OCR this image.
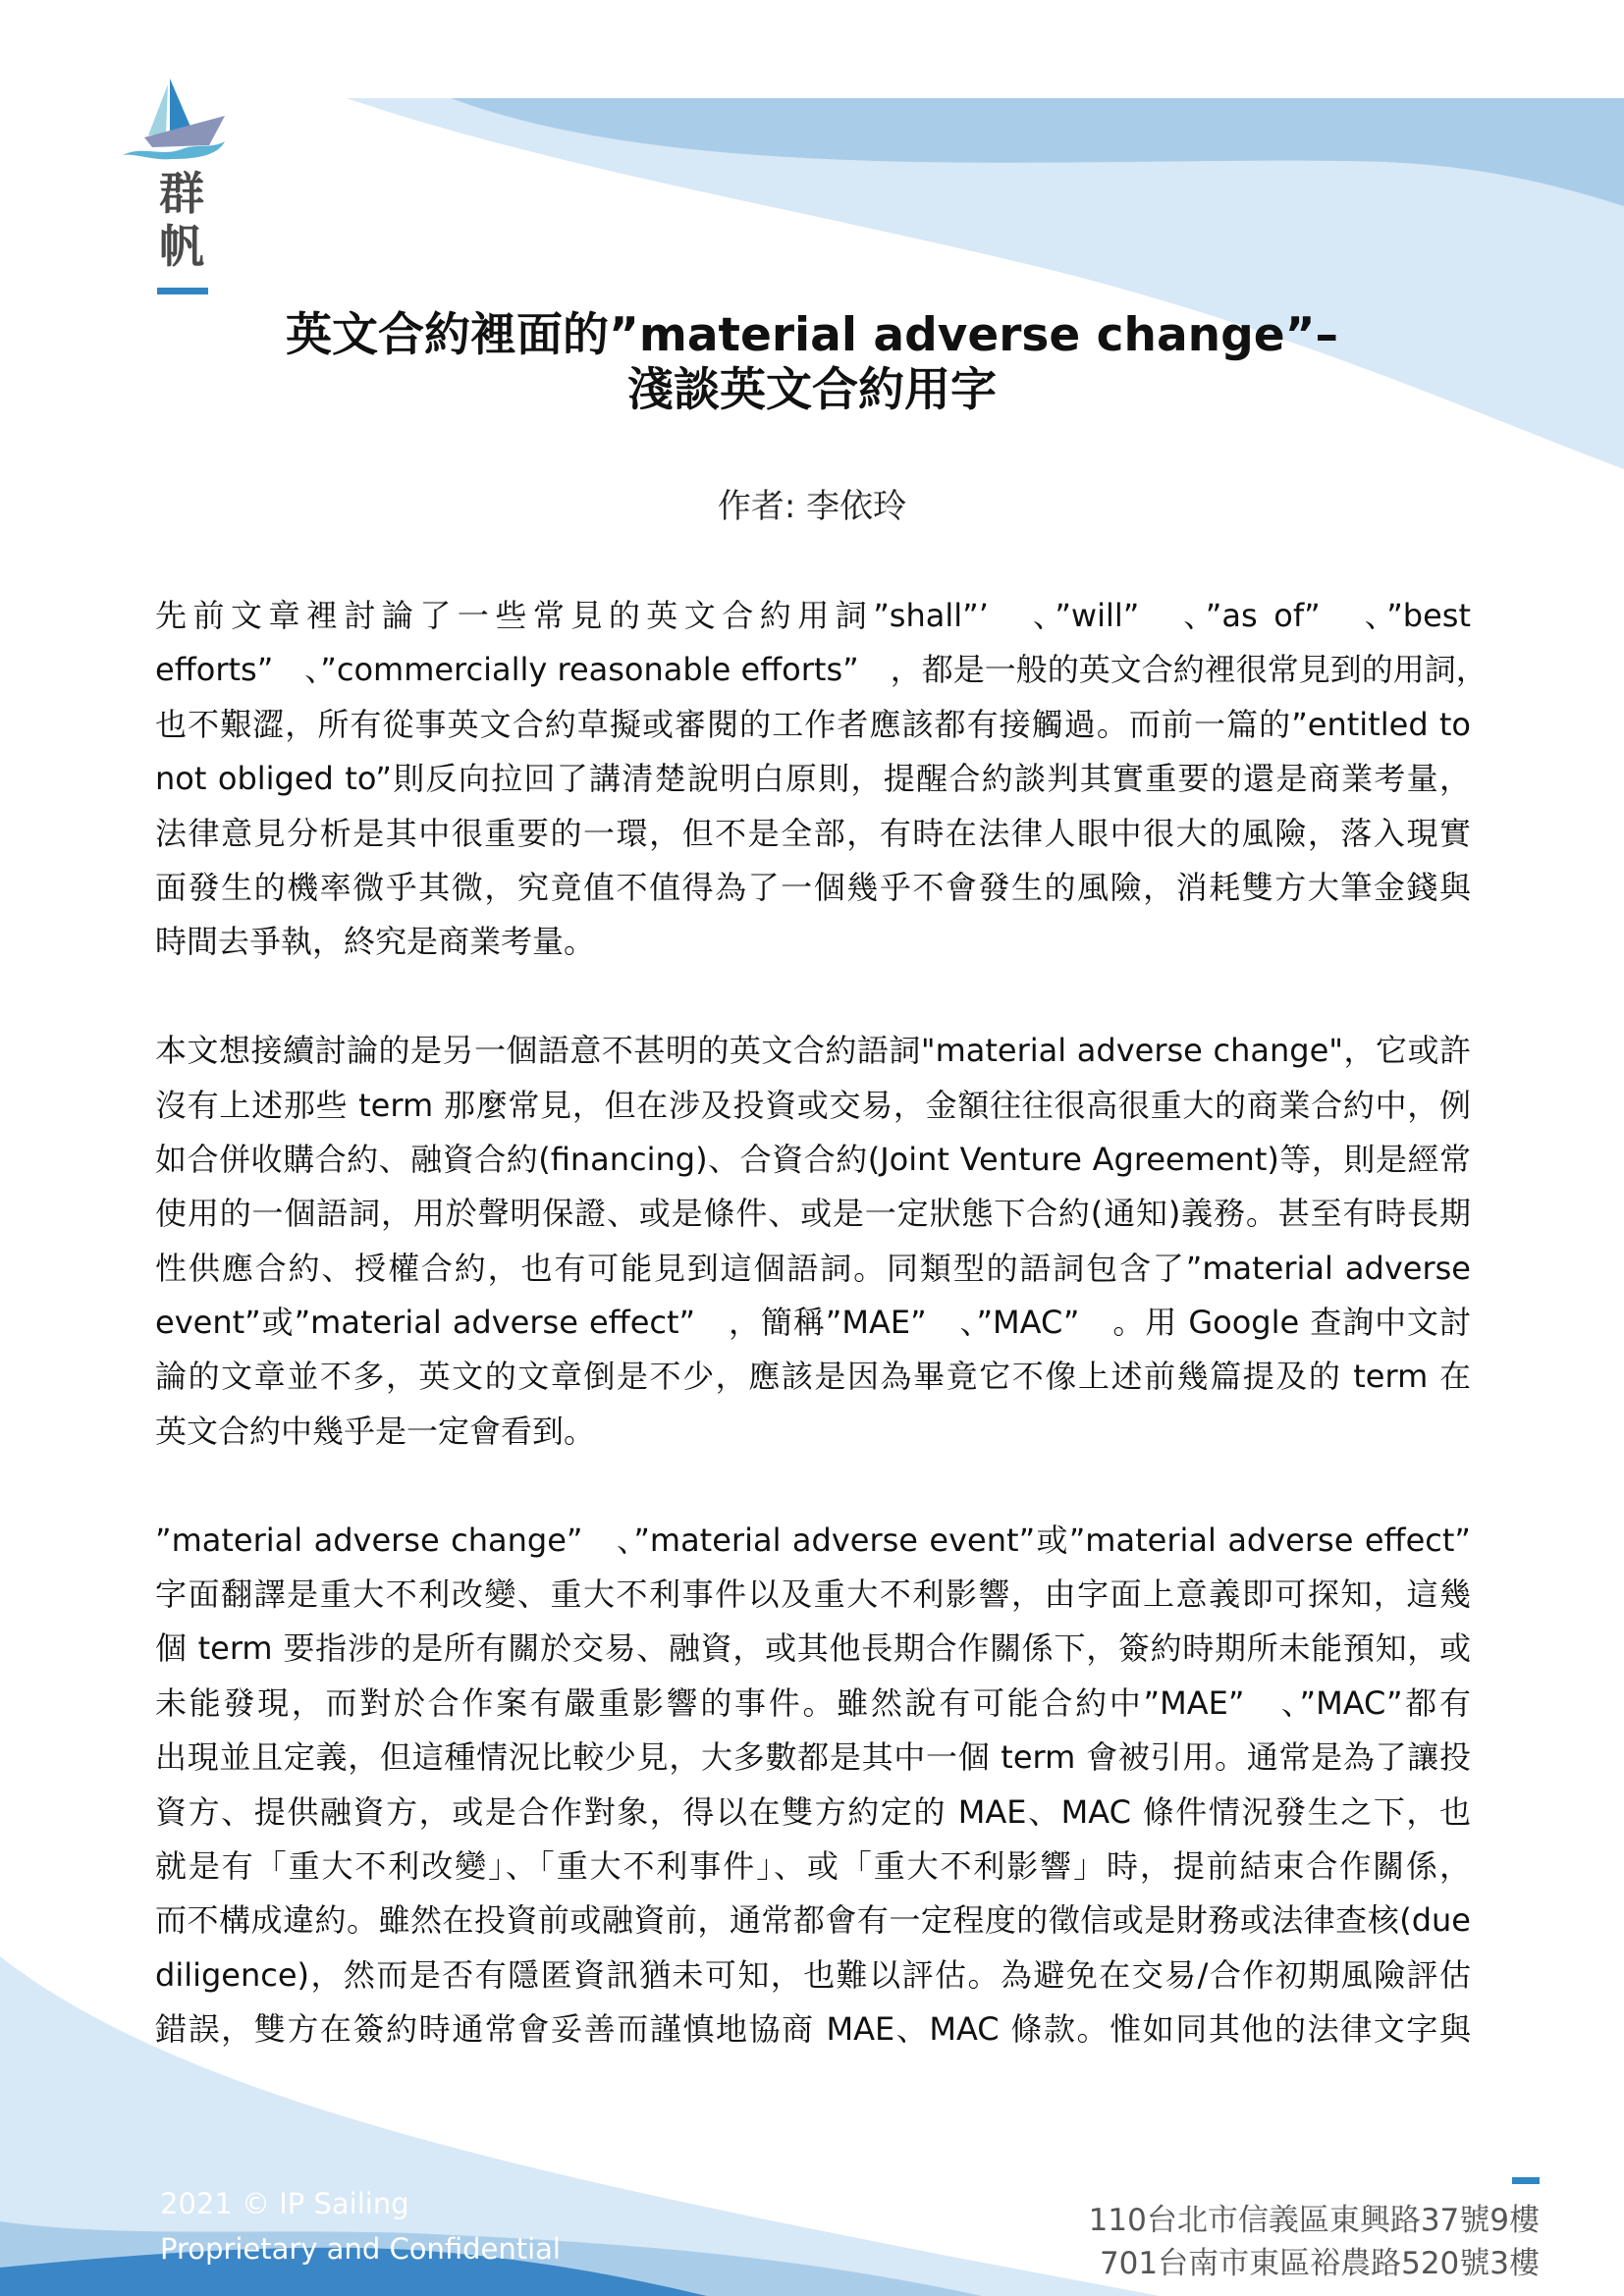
群
帆
英文合約裡面的”material adverse change”–
淺談英文合約用字
作者: 李依玲
先前文章裡討論了一些常見的英文合約用詞”shall”’　、”will”　、”as of”　、”best
efforts”　、”commercially reasonable efforts”　，都是一般的英文合約裡很常見到的用詞，
也不艱澀，所有從事英文合約草擬或審閱的工作者應該都有接觸過。而前一篇的”entitled to
not obliged to”則反向拉回了講清楚說明白原則，提醒合約談判其實重要的還是商業考量，
法律意見分析是其中很重要的一環，但不是全部，有時在法律人眼中很大的風險，落入現實
面發生的機率微乎其微，究竟值不值得為了一個幾乎不會發生的風險，消耗雙方大筆金錢與
時間去爭執，終究是商業考量。
本文想接續討論的是另一個語意不甚明的英文合約語詞"material adverse change"，它或許
沒有上述那些 term 那麼常見，但在涉及投資或交易，金額往往很高很重大的商業合約中，例
如合併收購合約、融資合約(financing)、合資合約(Joint Venture Agreement)等，則是經常
使用的一個語詞，用於聲明保證、或是條件、或是一定狀態下合約(通知)義務。甚至有時長期
性供應合約、授權合約，也有可能見到這個語詞。同類型的語詞包含了”material adverse
event”或”material adverse effect”　，簡稱”MAE”　、”MAC”　。用 Google 查詢中文討
論的文章並不多，英文的文章倒是不少，應該是因為畢竟它不像上述前幾篇提及的 term 在
英文合約中幾乎是一定會看到。
”material adverse change”　、”material adverse event”或”material adverse effect”
字面翻譯是重大不利改變、重大不利事件以及重大不利影響，由字面上意義即可探知，這幾
個 term 要指涉的是所有關於交易、融資，或其他長期合作關係下，簽約時期所未能預知，或
未能發現，而對於合作案有嚴重影響的事件。雖然說有可能合約中”MAE”　、”MAC”都有
出現並且定義，但這種情況比較少見，大多數都是其中一個 term 會被引用。通常是為了讓投
資方、提供融資方，或是合作對象，得以在雙方約定的 MAE、MAC 條件情況發生之下，也
就是有「重大不利改變」、「重大不利事件」、或「重大不利影響」時，提前結束合作關係，
而不構成違約。雖然在投資前或融資前，通常都會有一定程度的徵信或是財務或法律查核(due
diligence)，然而是否有隱匿資訊猶未可知，也難以評估。為避免在交易/合作初期風險評估
錯誤，雙方在簽約時通常會妥善而謹慎地協商 MAE、MAC 條款。惟如同其他的法律文字與
2021 © IP Sailing
Proprietary and Confidential
110台北市信義區東興路37號9樓
701台南市東區裕農路520號3樓
